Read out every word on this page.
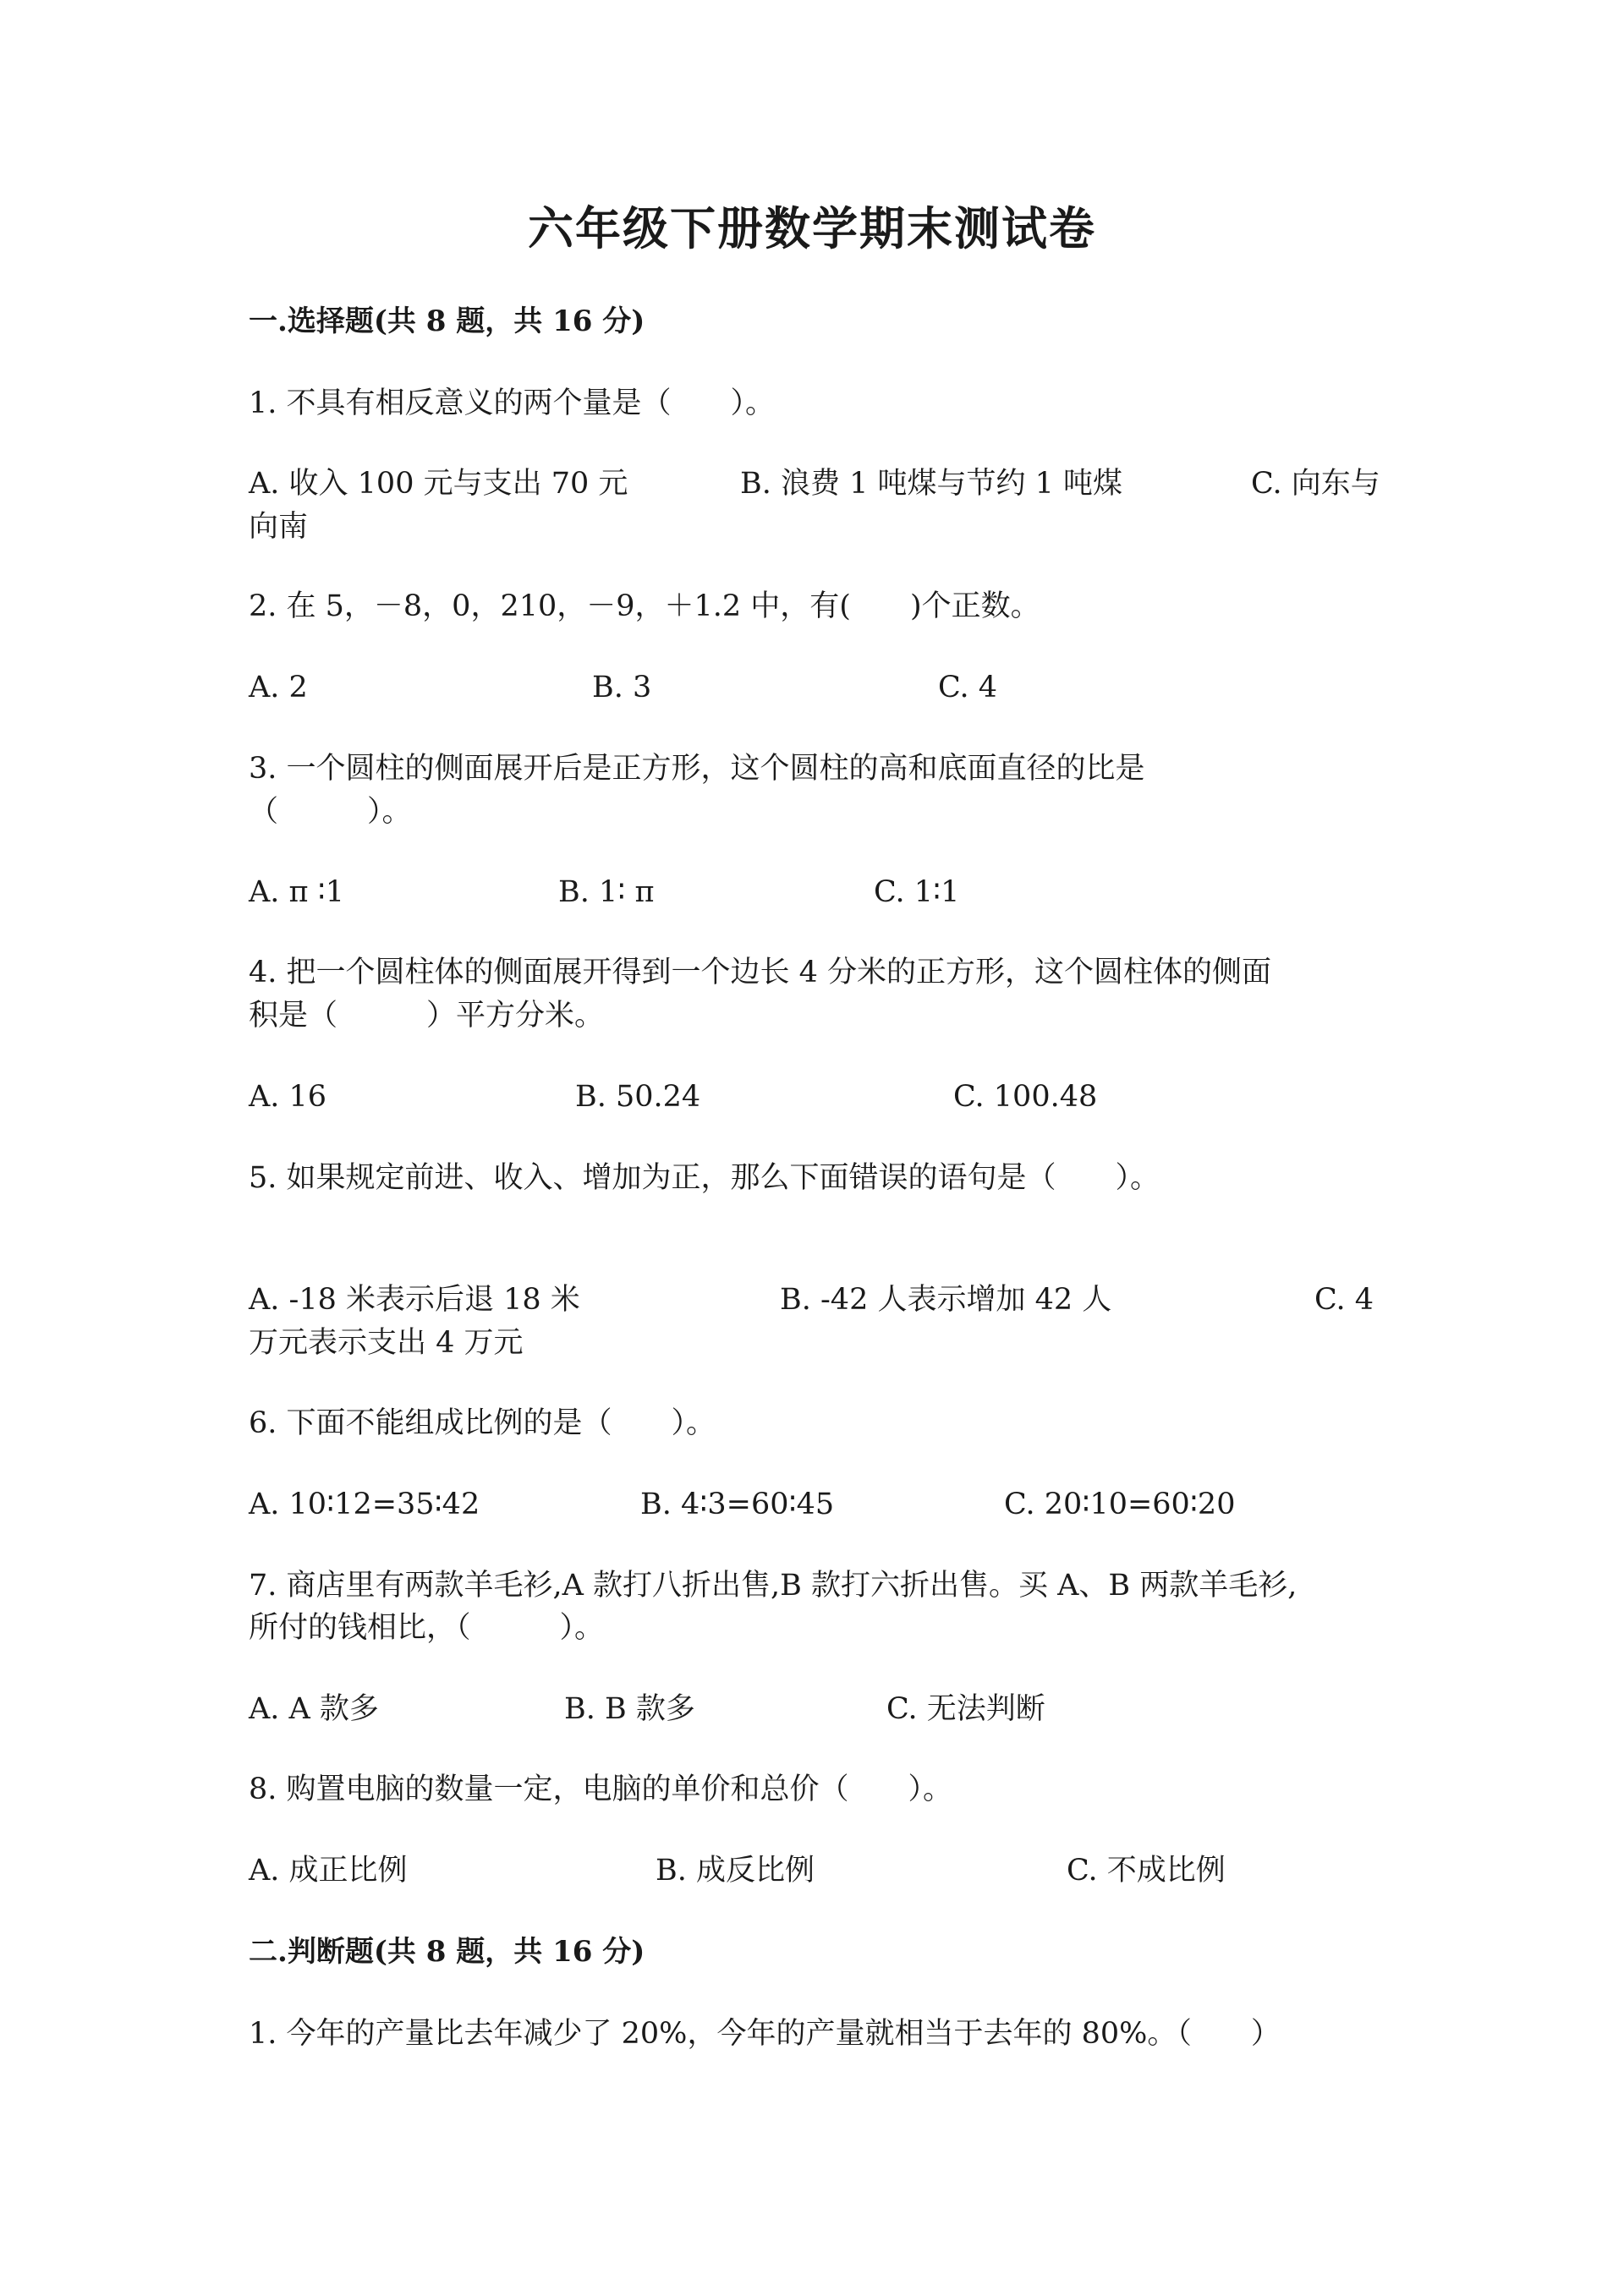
六年级下册数学期末测试卷
一.选择题(共 8 题，共 16 分)
1. 不具有相反意义的两个量是（　　）。
A. 收入 100 元与支出 70 元	B. 浪费 1 吨煤与节约 1 吨煤	C. 向东与
向南
2. 在 5，－8，0，210，－9，＋1.2 中，有(　　)个正数。
A. 2	B. 3	C. 4
3. 一个圆柱的侧面展开后是正方形，这个圆柱的高和底面直径的比是
（　　　）。
A. π ∶1	B. 1∶ π	C. 1∶1
4. 把一个圆柱体的侧面展开得到一个边长 4 分米的正方形，这个圆柱体的侧面
积是（　　　）平方分米。
A. 16	B. 50.24	C. 100.48
5. 如果规定前进、收入、增加为正，那么下面错误的语句是（　　）。
A. -18 米表示后退 18 米	B. -42 人表示增加 42 人	C. 4
万元表示支出 4 万元
6. 下面不能组成比例的是（　　）。
A. 10∶12=35∶42	B. 4∶3=60∶45	C. 20∶10=60∶20
7. 商店里有两款羊毛衫,A 款打八折出售,B 款打六折出售。买 A、B 两款羊毛衫,
所付的钱相比，（　　　）。
A. A 款多	B. B 款多	C. 无法判断
8. 购置电脑的数量一定，电脑的单价和总价（　　）。
A. 成正比例	B. 成反比例	C. 不成比例
二.判断题(共 8 题，共 16 分)
1. 今年的产量比去年减少了 20%，今年的产量就相当于去年的 80%。（　　）
